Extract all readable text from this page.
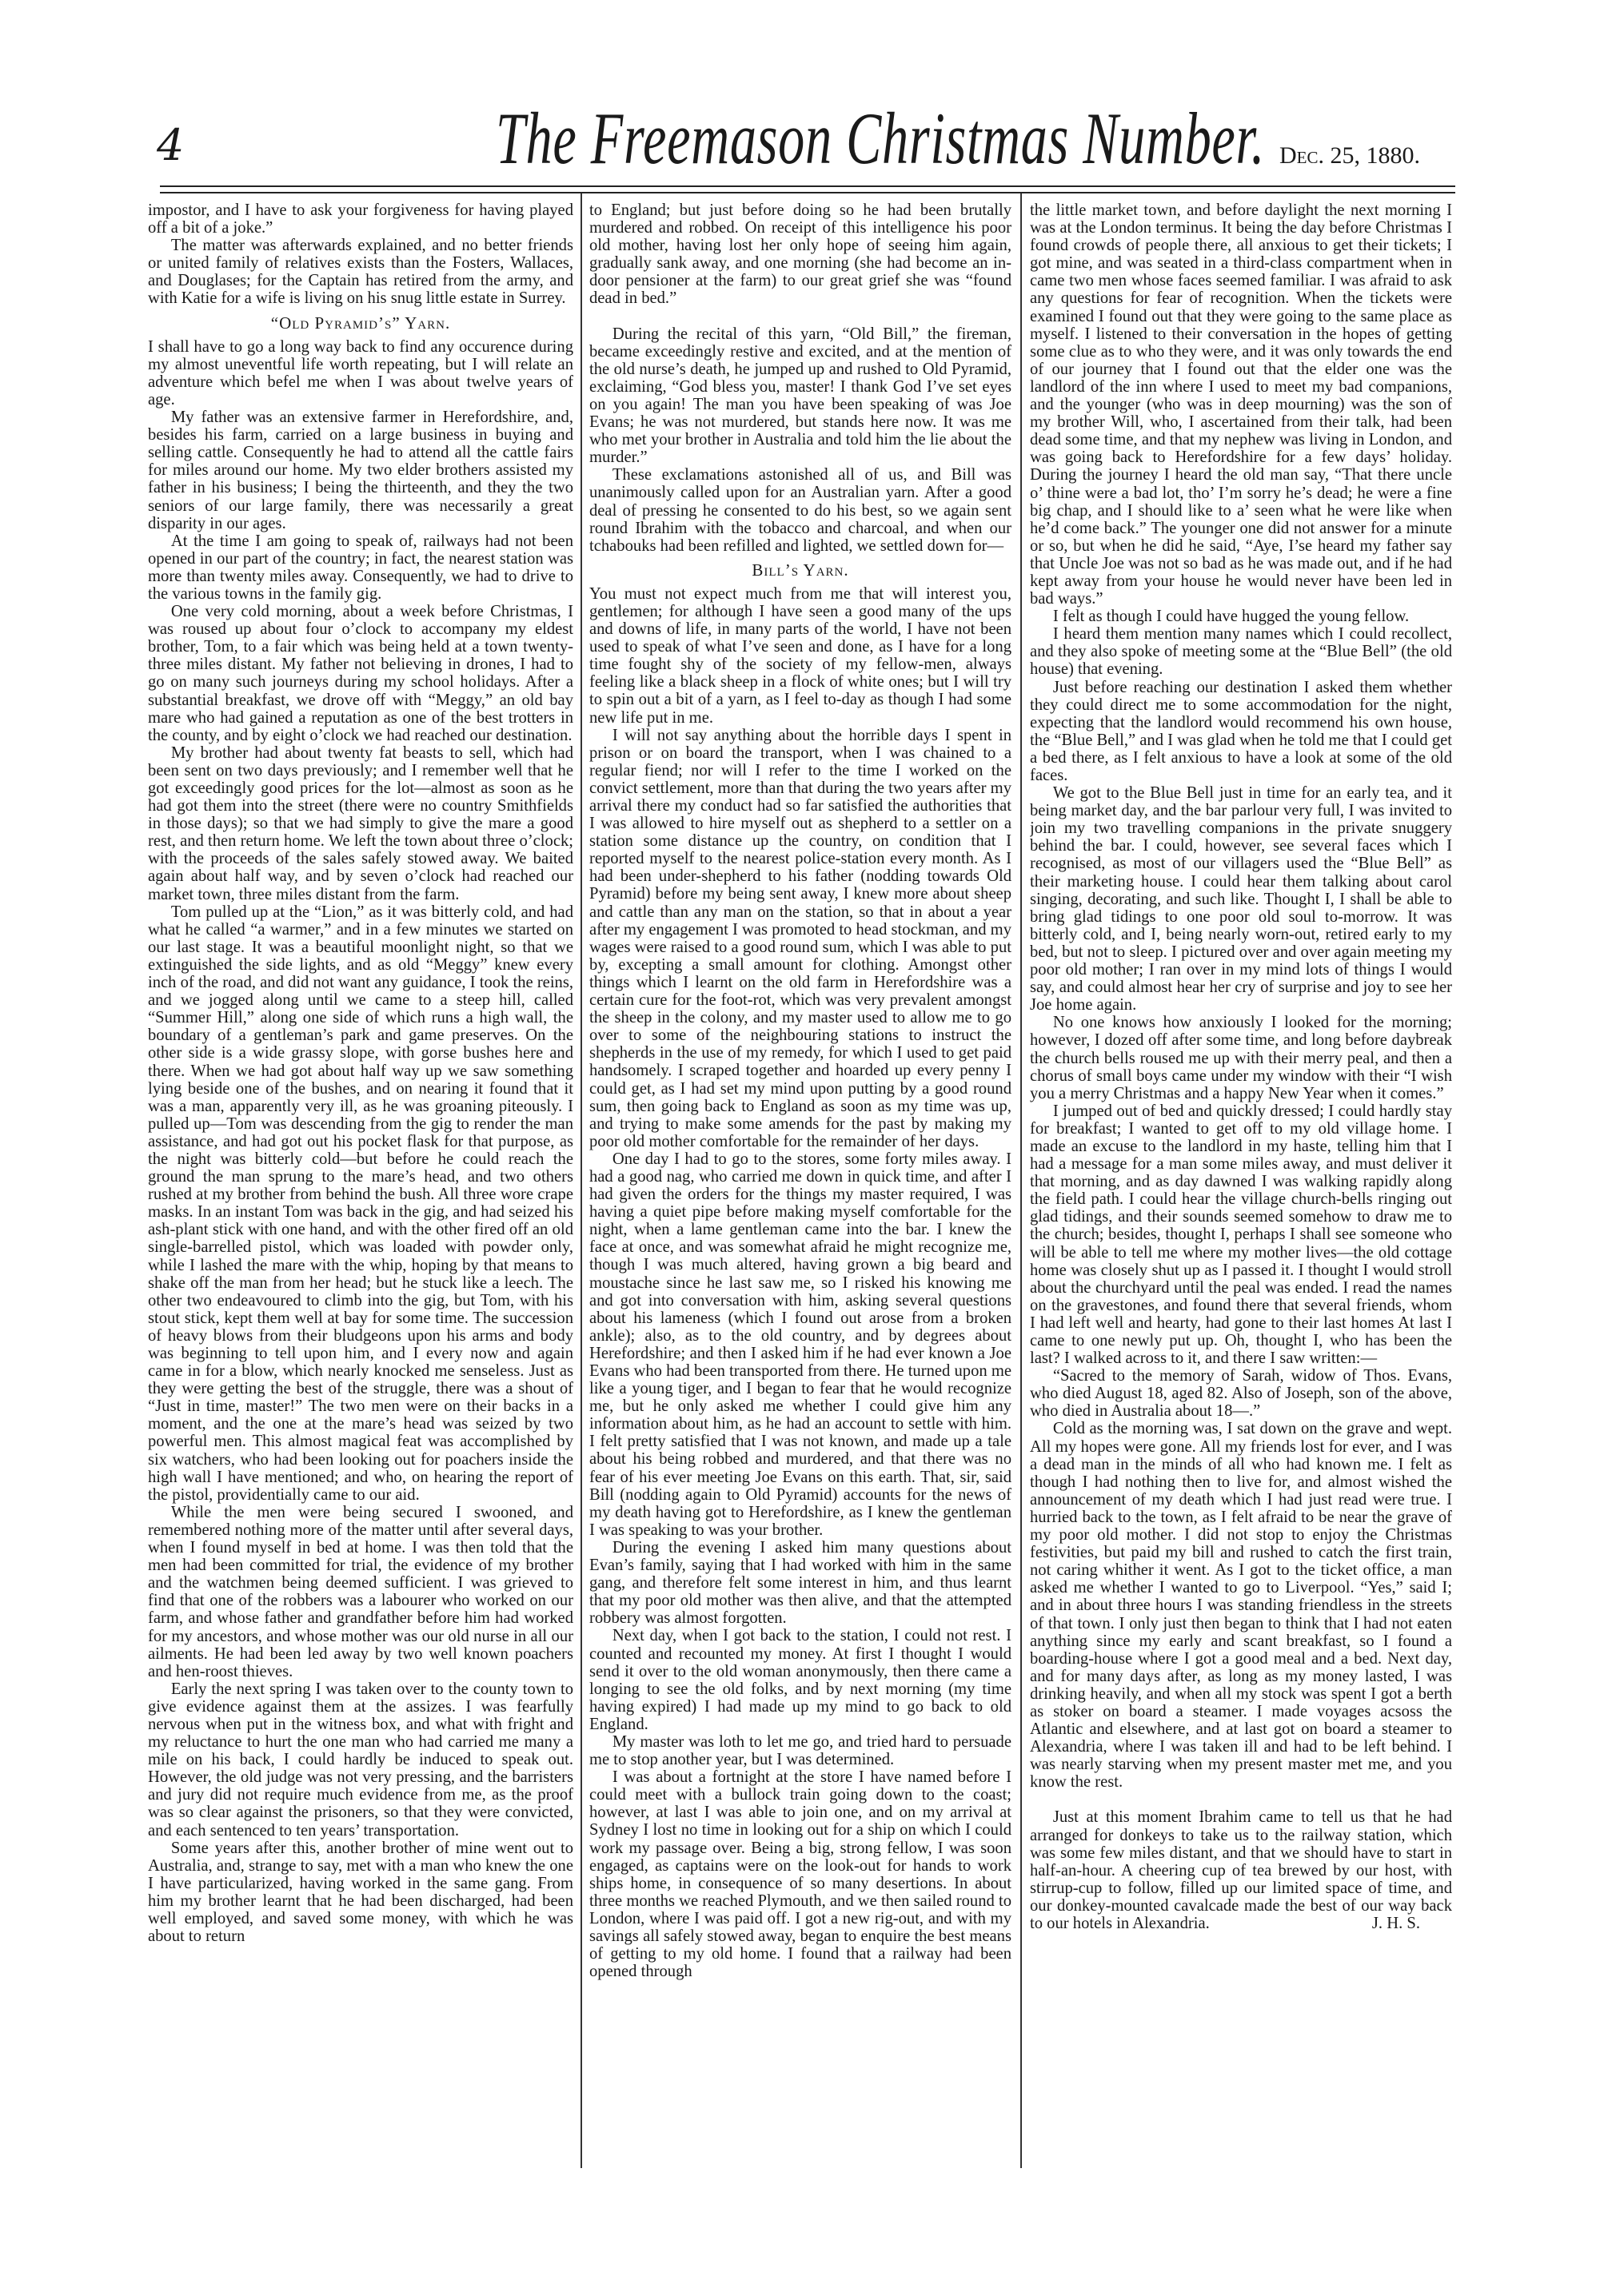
4	The Freemason Christmas Number. Dec. 25, 1880.

impostor, and I have to ask your forgiveness for having played off a bit of a joke.”

The matter was afterwards explained, and no better friends or united family of relatives exists than the Fosters, Wallaces, and Douglases; for the Captain has retired from the army, and with Katie for a wife is living on his snug little estate in Surrey.

“Old Pyramid’s” Yarn.

I shall have to go a long way back to find any occurence during my almost uneventful life worth repeating, but I will relate an adventure which befel me when I was about twelve years of age.

My father was an extensive farmer in Herefordshire, and, besides his farm, carried on a large business in buying and selling cattle. Consequently he had to attend all the cattle fairs for miles around our home. My two elder brothers assisted my father in his business; I being the thirteenth, and they the two seniors of our large family, there was necessarily a great disparity in our ages.

At the time I am going to speak of, railways had not been opened in our part of the country; in fact, the nearest station was more than twenty miles away. Consequently, we had to drive to the various towns in the family gig.

One very cold morning, about a week before Christmas, I was roused up about four o’clock to accompany my eldest brother, Tom, to a fair which was being held at a town twenty-three miles distant. My father not believing in drones, I had to go on many such journeys during my school holidays. After a substantial breakfast, we drove off with “Meggy,” an old bay mare who had gained a reputation as one of the best trotters in the county, and by eight o’clock we had reached our destination.

My brother had about twenty fat beasts to sell, which had been sent on two days previously; and I remember well that he got exceedingly good prices for the lot—almost as soon as he had got them into the street (there were no country Smithfields in those days); so that we had simply to give the mare a good rest, and then return home. We left the town about three o’clock; with the proceeds of the sales safely stowed away. We baited again about half way, and by seven o’clock had reached our market town, three miles distant from the farm.

Tom pulled up at the “Lion,” as it was bitterly cold, and had what he called “a warmer,” and in a few minutes we started on our last stage. It was a beautiful moonlight night, so that we extinguished the side lights, and as old “Meggy” knew every inch of the road, and did not want any guidance, I took the reins, and we jogged along until we came to a steep hill, called “Summer Hill,” along one side of which runs a high wall, the boundary of a gentleman’s park and game preserves. On the other side is a wide grassy slope, with gorse bushes here and there. When we had got about half way up we saw something lying beside one of the bushes, and on nearing it found that it was a man, apparently very ill, as he was groaning piteously. I pulled up—Tom was descending from the gig to render the man assistance, and had got out his pocket flask for that purpose, as the night was bitterly cold—but before he could reach the ground the man sprung to the mare’s head, and two others rushed at my brother from behind the bush. All three wore crape masks. In an instant Tom was back in the gig, and had seized his ash-plant stick with one hand, and with the other fired off an old single-barrelled pistol, which was loaded with powder only, while I lashed the mare with the whip, hoping by that means to shake off the man from her head; but he stuck like a leech. The other two endeavoured to climb into the gig, but Tom, with his stout stick, kept them well at bay for some time. The succession of heavy blows from their bludgeons upon his arms and body was beginning to tell upon him, and I every now and again came in for a blow, which nearly knocked me senseless. Just as they were getting the best of the struggle, there was a shout of “Just in time, master!” The two men were on their backs in a moment, and the one at the mare’s head was seized by two powerful men. This almost magical feat was accomplished by six watchers, who had been looking out for poachers inside the high wall I have mentioned; and who, on hearing the report of the pistol, providentially came to our aid.

While the men were being secured I swooned, and remembered nothing more of the matter until after several days, when I found myself in bed at home. I was then told that the men had been committed for trial, the evidence of my brother and the watchmen being deemed sufficient. I was grieved to find that one of the robbers was a labourer who worked on our farm, and whose father and grandfather before him had worked for my ancestors, and whose mother was our old nurse in all our ailments. He had been led away by two well known poachers and hen-roost thieves.

Early the next spring I was taken over to the county town to give evidence against them at the assizes. I was fearfully nervous when put in the witness box, and what with fright and my reluctance to hurt the one man who had carried me many a mile on his back, I could hardly be induced to speak out. However, the old judge was not very pressing, and the barristers and jury did not require much evidence from me, as the proof was so clear against the prisoners, so that they were convicted, and each sentenced to ten years’ transportation.

Some years after this, another brother of mine went out to Australia, and, strange to say, met with a man who knew the one I have particularized, having worked in the same gang. From him my brother learnt that he had been discharged, had been well employed, and saved some money, with which he was about to return

to England; but just before doing so he had been brutally murdered and robbed. On receipt of this intelligence his poor old mother, having lost her only hope of seeing him again, gradually sank away, and one morning (she had become an in-door pensioner at the farm) to our great grief she was “found dead in bed.”

During the recital of this yarn, “Old Bill,” the fireman, became exceedingly restive and excited, and at the mention of the old nurse’s death, he jumped up and rushed to Old Pyramid, exclaiming, “God bless you, master! I thank God I’ve set eyes on you again! The man you have been speaking of was Joe Evans; he was not murdered, but stands here now. It was me who met your brother in Australia and told him the lie about the murder.”

These exclamations astonished all of us, and Bill was unanimously called upon for an Australian yarn. After a good deal of pressing he consented to do his best, so we again sent round Ibrahim with the tobacco and charcoal, and when our tchabouks had been refilled and lighted, we settled down for—

Bill’s Yarn.

You must not expect much from me that will interest you, gentlemen; for although I have seen a good many of the ups and downs of life, in many parts of the world, I have not been used to speak of what I’ve seen and done, as I have for a long time fought shy of the society of my fellow-men, always feeling like a black sheep in a flock of white ones; but I will try to spin out a bit of a yarn, as I feel to-day as though I had some new life put in me.

I will not say anything about the horrible days I spent in prison or on board the transport, when I was chained to a regular fiend; nor will I refer to the time I worked on the convict settlement, more than that during the two years after my arrival there my conduct had so far satisfied the authorities that I was allowed to hire myself out as shepherd to a settler on a station some distance up the country, on condition that I reported myself to the nearest police-station every month. As I had been under-shepherd to his father (nodding towards Old Pyramid) before my being sent away, I knew more about sheep and cattle than any man on the station, so that in about a year after my engagement I was promoted to head stockman, and my wages were raised to a good round sum, which I was able to put by, excepting a small amount for clothing. Amongst other things which I learnt on the old farm in Herefordshire was a certain cure for the foot-rot, which was very prevalent amongst the sheep in the colony, and my master used to allow me to go over to some of the neighbouring stations to instruct the shepherds in the use of my remedy, for which I used to get paid handsomely. I scraped together and hoarded up every penny I could get, as I had set my mind upon putting by a good round sum, then going back to England as soon as my time was up, and trying to make some amends for the past by making my poor old mother comfortable for the remainder of her days.

One day I had to go to the stores, some forty miles away. I had a good nag, who carried me down in quick time, and after I had given the orders for the things my master required, I was having a quiet pipe before making myself comfortable for the night, when a lame gentleman came into the bar. I knew the face at once, and was somewhat afraid he might recognize me, though I was much altered, having grown a big beard and moustache since he last saw me, so I risked his knowing me and got into conversation with him, asking several questions about his lameness (which I found out arose from a broken ankle); also, as to the old country, and by degrees about Herefordshire; and then I asked him if he had ever known a Joe Evans who had been transported from there. He turned upon me like a young tiger, and I began to fear that he would recognize me, but he only asked me whether I could give him any information about him, as he had an account to settle with him. I felt pretty satisfied that I was not known, and made up a tale about his being robbed and murdered, and that there was no fear of his ever meeting Joe Evans on this earth. That, sir, said Bill (nodding again to Old Pyramid) accounts for the news of my death having got to Herefordshire, as I knew the gentleman I was speaking to was your brother.

During the evening I asked him many questions about Evan’s family, saying that I had worked with him in the same gang, and therefore felt some interest in him, and thus learnt that my poor old mother was then alive, and that the attempted robbery was almost forgotten.

Next day, when I got back to the station, I could not rest. I counted and recounted my money. At first I thought I would send it over to the old woman anonymously, then there came a longing to see the old folks, and by next morning (my time having expired) I had made up my mind to go back to old England.

My master was loth to let me go, and tried hard to persuade me to stop another year, but I was determined.

I was about a fortnight at the store I have named before I could meet with a bullock train going down to the coast; however, at last I was able to join one, and on my arrival at Sydney I lost no time in looking out for a ship on which I could work my passage over. Being a big, strong fellow, I was soon engaged, as captains were on the look-out for hands to work ships home, in consequence of so many desertions. In about three months we reached Plymouth, and we then sailed round to London, where I was paid off. I got a new rig-out, and with my savings all safely stowed away, began to enquire the best means of getting to my old home. I found that a railway had been opened through

the little market town, and before daylight the next morning I was at the London terminus. It being the day before Christmas I found crowds of people there, all anxious to get their tickets; I got mine, and was seated in a third-class compartment when in came two men whose faces seemed familiar. I was afraid to ask any questions for fear of recognition. When the tickets were examined I found out that they were going to the same place as myself. I listened to their conversation in the hopes of getting some clue as to who they were, and it was only towards the end of our journey that I found out that the elder one was the landlord of the inn where I used to meet my bad companions, and the younger (who was in deep mourning) was the son of my brother Will, who, I ascertained from their talk, had been dead some time, and that my nephew was living in London, and was going back to Herefordshire for a few days’ holiday. During the journey I heard the old man say, “That there uncle o’ thine were a bad lot, tho’ I’m sorry he’s dead; he were a fine big chap, and I should like to a’ seen what he were like when he’d come back.” The younger one did not answer for a minute or so, but when he did he said, “Aye, I’se heard my father say that Uncle Joe was not so bad as he was made out, and if he had kept away from your house he would never have been led in bad ways.”

I felt as though I could have hugged the young fellow.

I heard them mention many names which I could recollect, and they also spoke of meeting some at the “Blue Bell” (the old house) that evening.

Just before reaching our destination I asked them whether they could direct me to some accommodation for the night, expecting that the landlord would recommend his own house, the “Blue Bell,” and I was glad when he told me that I could get a bed there, as I felt anxious to have a look at some of the old faces.

We got to the Blue Bell just in time for an early tea, and it being market day, and the bar parlour very full, I was invited to join my two travelling companions in the private snuggery behind the bar. I could, however, see several faces which I recognised, as most of our villagers used the “Blue Bell” as their marketing house. I could hear them talking about carol singing, decorating, and such like. Thought I, I shall be able to bring glad tidings to one poor old soul to-morrow. It was bitterly cold, and I, being nearly worn-out, retired early to my bed, but not to sleep. I pictured over and over again meeting my poor old mother; I ran over in my mind lots of things I would say, and could almost hear her cry of surprise and joy to see her Joe home again.

No one knows how anxiously I looked for the morning; however, I dozed off after some time, and long before daybreak the church bells roused me up with their merry peal, and then a chorus of small boys came under my window with their “I wish you a merry Christmas and a happy New Year when it comes.”

I jumped out of bed and quickly dressed; I could hardly stay for breakfast; I wanted to get off to my old village home. I made an excuse to the landlord in my haste, telling him that I had a message for a man some miles away, and must deliver it that morning, and as day dawned I was walking rapidly along the field path. I could hear the village church-bells ringing out glad tidings, and their sounds seemed somehow to draw me to the church; besides, thought I, perhaps I shall see someone who will be able to tell me where my mother lives—the old cottage home was closely shut up as I passed it. I thought I would stroll about the churchyard until the peal was ended. I read the names on the gravestones, and found there that several friends, whom I had left well and hearty, had gone to their last homes At last I came to one newly put up. Oh, thought I, who has been the last? I walked across to it, and there I saw written:—

“Sacred to the memory of Sarah, widow of Thos. Evans, who died August 18, aged 82. Also of Joseph, son of the above, who died in Australia about 18—.”

Cold as the morning was, I sat down on the grave and wept. All my hopes were gone. All my friends lost for ever, and I was a dead man in the minds of all who had known me. I felt as though I had nothing then to live for, and almost wished the announcement of my death which I had just read were true. I hurried back to the town, as I felt afraid to be near the grave of my poor old mother. I did not stop to enjoy the Christmas festivities, but paid my bill and rushed to catch the first train, not caring whither it went. As I got to the ticket office, a man asked me whether I wanted to go to Liverpool. “Yes,” said I; and in about three hours I was standing friendless in the streets of that town. I only just then began to think that I had not eaten anything since my early and scant breakfast, so I found a boarding-house where I got a good meal and a bed. Next day, and for many days after, as long as my money lasted, I was drinking heavily, and when all my stock was spent I got a berth as stoker on board a steamer. I made voyages acsoss the Atlantic and elsewhere, and at last got on board a steamer to Alexandria, where I was taken ill and had to be left behind. I was nearly starving when my present master met me, and you know the rest.

Just at this moment Ibrahim came to tell us that he had arranged for donkeys to take us to the railway station, which was some few miles distant, and that we should have to start in half-an-hour. A cheering cup of tea brewed by our host, with stirrup-cup to follow, filled up our limited space of time, and our donkey-mounted cavalcade made the best of our way back to our hotels in Alexandria.	J. H. S.
